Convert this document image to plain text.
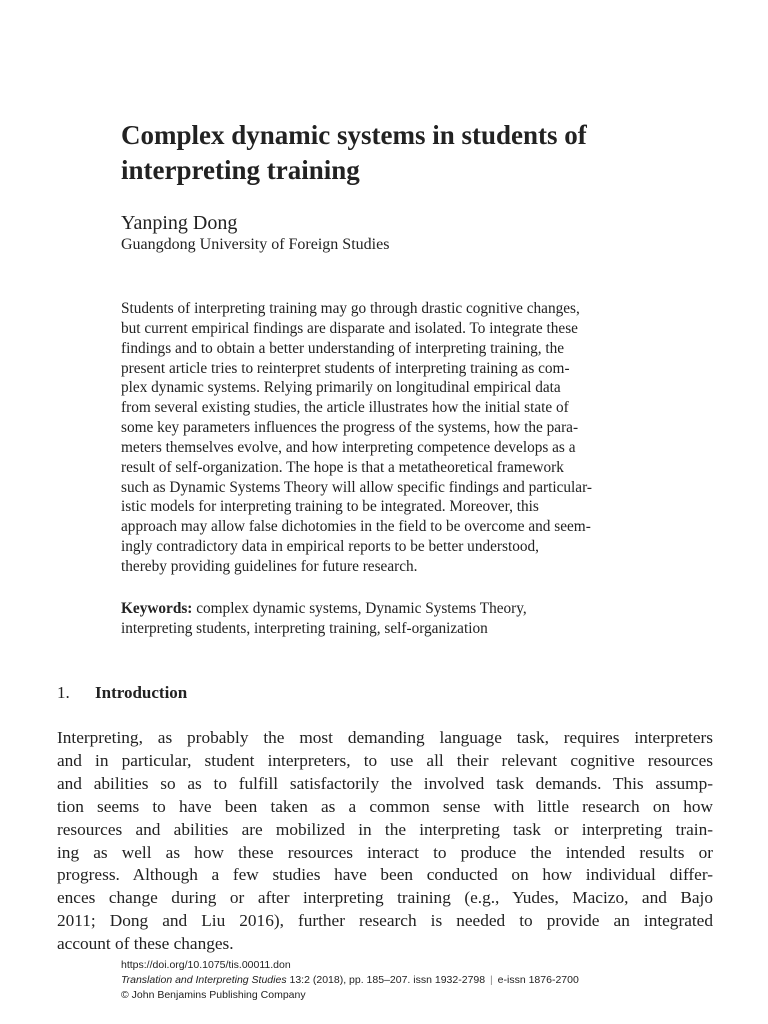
Complex dynamic systems in students of
interpreting training
Yanping Dong
Guangdong University of Foreign Studies
Students of interpreting training may go through drastic cognitive changes,
but current empirical findings are disparate and isolated. To integrate these
findings and to obtain a better understanding of interpreting training, the
present article tries to reinterpret students of interpreting training as com-
plex dynamic systems. Relying primarily on longitudinal empirical data
from several existing studies, the article illustrates how the initial state of
some key parameters influences the progress of the systems, how the para-
meters themselves evolve, and how interpreting competence develops as a
result of self-organization. The hope is that a metatheoretical framework
such as Dynamic Systems Theory will allow specific findings and particular-
istic models for interpreting training to be integrated. Moreover, this
approach may allow false dichotomies in the field to be overcome and seem-
ingly contradictory data in empirical reports to be better understood,
thereby providing guidelines for future research.
Keywords: complex dynamic systems, Dynamic Systems Theory,
interpreting students, interpreting training, self-organization
1. Introduction
Interpreting, as probably the most demanding language task, requires interpreters
and in particular, student interpreters, to use all their relevant cognitive resources
and abilities so as to fulfill satisfactorily the involved task demands. This assump-
tion seems to have been taken as a common sense with little research on how
resources and abilities are mobilized in the interpreting task or interpreting train-
ing as well as how these resources interact to produce the intended results or
progress. Although a few studies have been conducted on how individual differ-
ences change during or after interpreting training (e.g., Yudes, Macizo, and Bajo
2011; Dong and Liu 2016), further research is needed to provide an integrated
account of these changes.
https://doi.org/10.1075/tis.00011.don
Translation and Interpreting Studies 13:2 (2018), pp. 185–207. issn 1932-2798 | e-issn 1876-2700
© John Benjamins Publishing Company
